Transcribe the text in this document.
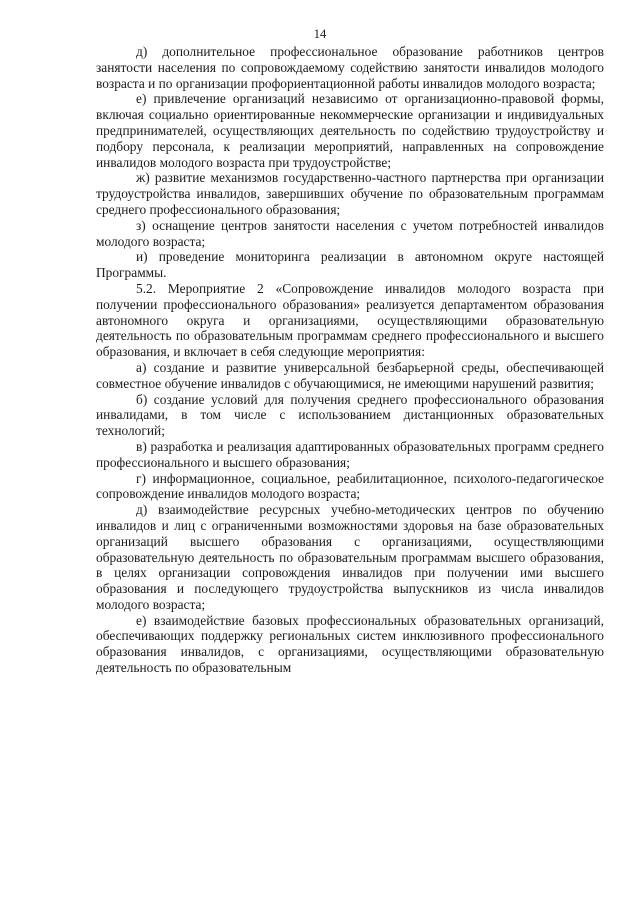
14

д) дополнительное профессиональное образование работников центров занятости населения по сопровождаемому содействию занятости инвалидов молодого возраста и по организации профориентационной работы инвалидов молодого возраста;

е) привлечение организаций независимо от организационно-правовой формы, включая социально ориентированные некоммерческие организации и индивидуальных предпринимателей, осуществляющих деятельность по содействию трудоустройству и подбору персонала, к реализации мероприятий, направленных на сопровождение инвалидов молодого возраста при трудоустройстве;

ж) развитие механизмов государственно-частного партнерства при организации трудоустройства инвалидов, завершивших обучение по образовательным программам среднего профессионального образования;

з) оснащение центров занятости населения с учетом потребностей инвалидов молодого возраста;

и) проведение мониторинга реализации в автономном округе настоящей Программы.

5.2. Мероприятие 2 «Сопровождение инвалидов молодого возраста при получении профессионального образования» реализуется департаментом образования автономного округа и организациями, осуществляющими образовательную деятельность по образовательным программам среднего профессионального и высшего образования, и включает в себя следующие мероприятия:

а) создание и развитие универсальной безбарьерной среды, обеспечивающей совместное обучение инвалидов с обучающимися, не имеющими нарушений развития;

б) создание условий для получения среднего профессионального образования инвалидами, в том числе с использованием дистанционных образовательных технологий;

в) разработка и реализация адаптированных образовательных программ среднего профессионального и высшего образования;

г) информационное, социальное, реабилитационное, психолого-педагогическое сопровождение инвалидов молодого возраста;

д) взаимодействие ресурсных учебно-методических центров по обучению инвалидов и лиц с ограниченными возможностями здоровья на базе образовательных организаций высшего образования с организациями, осуществляющими образовательную деятельность по образовательным программам высшего образования, в целях организации сопровождения инвалидов при получении ими высшего образования и последующего трудоустройства выпускников из числа инвалидов молодого возраста;

е) взаимодействие базовых профессиональных образовательных организаций, обеспечивающих поддержку региональных систем инклюзивного профессионального образования инвалидов, с организациями, осуществляющими образовательную деятельность по образовательным
